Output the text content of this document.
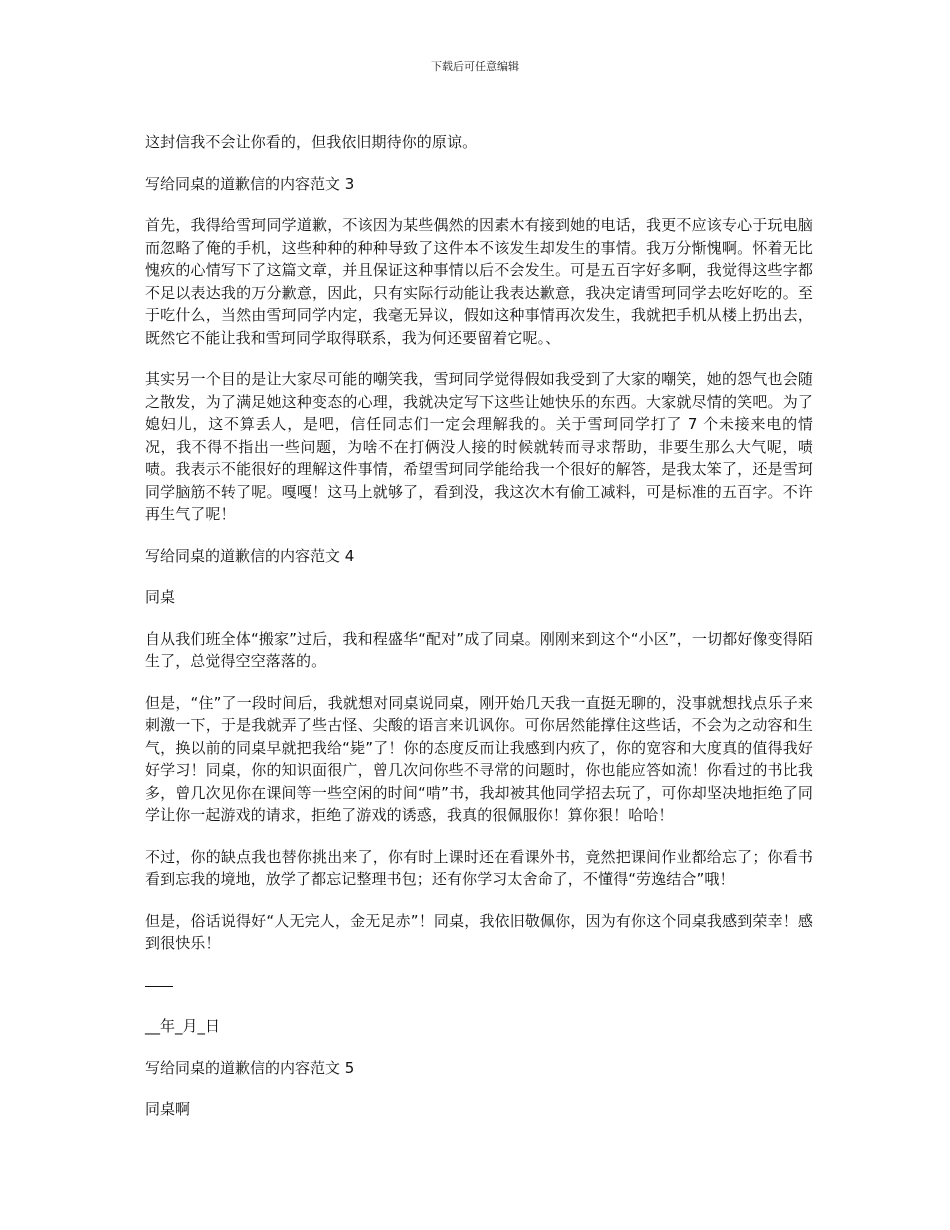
下载后可任意编辑

这封信我不会让你看的，但我依旧期待你的原谅。

写给同桌的道歉信的内容范文 3

首先，我得给雪珂同学道歉，不该因为某些偶然的因素木有接到她的电话，我更不应该专心于玩电脑而忽略了俺的手机，这些种种的种种导致了这件本不该发生却发生的事情。我万分惭愧啊。怀着无比愧疚的心情写下了这篇文章，并且保证这种事情以后不会发生。可是五百字好多啊，我觉得这些字都不足以表达我的万分歉意，因此，只有实际行动能让我表达歉意，我决定请雪珂同学去吃好吃的。至于吃什么，当然由雪珂同学内定，我毫无异议，假如这种事情再次发生，我就把手机从楼上扔出去，既然它不能让我和雪珂同学取得联系，我为何还要留着它呢。、

其实另一个目的是让大家尽可能的嘲笑我，雪珂同学觉得假如我受到了大家的嘲笑，她的怨气也会随之散发，为了满足她这种变态的心理，我就决定写下这些让她快乐的东西。大家就尽情的笑吧。为了媳妇儿，这不算丢人，是吧，信任同志们一定会理解我的。关于雪珂同学打了 7 个未接来电的情况，我不得不指出一些问题，为啥不在打俩没人接的时候就转而寻求帮助，非要生那么大气呢，啧啧。我表示不能很好的理解这件事情，希望雪珂同学能给我一个很好的解答，是我太笨了，还是雪珂同学脑筋不转了呢。嘎嘎！这马上就够了，看到没，我这次木有偷工减料，可是标准的五百字。不许再生气了呢！

写给同桌的道歉信的内容范文 4

同桌

自从我们班全体“搬家”过后，我和程盛华“配对”成了同桌。刚刚来到这个“小区”，一切都好像变得陌生了，总觉得空空落落的。

但是，“住”了一段时间后，我就想对同桌说同桌，刚开始几天我一直挺无聊的，没事就想找点乐子来刺激一下，于是我就弄了些古怪、尖酸的语言来讥讽你。可你居然能撑住这些话，不会为之动容和生气，换以前的同桌早就把我给“毙”了！你的态度反而让我感到内疚了，你的宽容和大度真的值得我好好学习！同桌，你的知识面很广，曾几次问你些不寻常的问题时，你也能应答如流！你看过的书比我多，曾几次见你在课间等一些空闲的时间“啃”书，我却被其他同学招去玩了，可你却坚决地拒绝了同学让你一起游戏的请求，拒绝了游戏的诱惑，我真的很佩服你！算你狠！哈哈！

不过，你的缺点我也替你挑出来了，你有时上课时还在看课外书，竟然把课间作业都给忘了；你看书看到忘我的境地，放学了都忘记整理书包；还有你学习太舍命了，不懂得“劳逸结合”哦！

但是，俗话说得好“人无完人，金无足赤”！同桌，我依旧敬佩你，因为有你这个同桌我感到荣幸！感到很快乐！

__年_月_日

写给同桌的道歉信的内容范文 5

同桌啊
